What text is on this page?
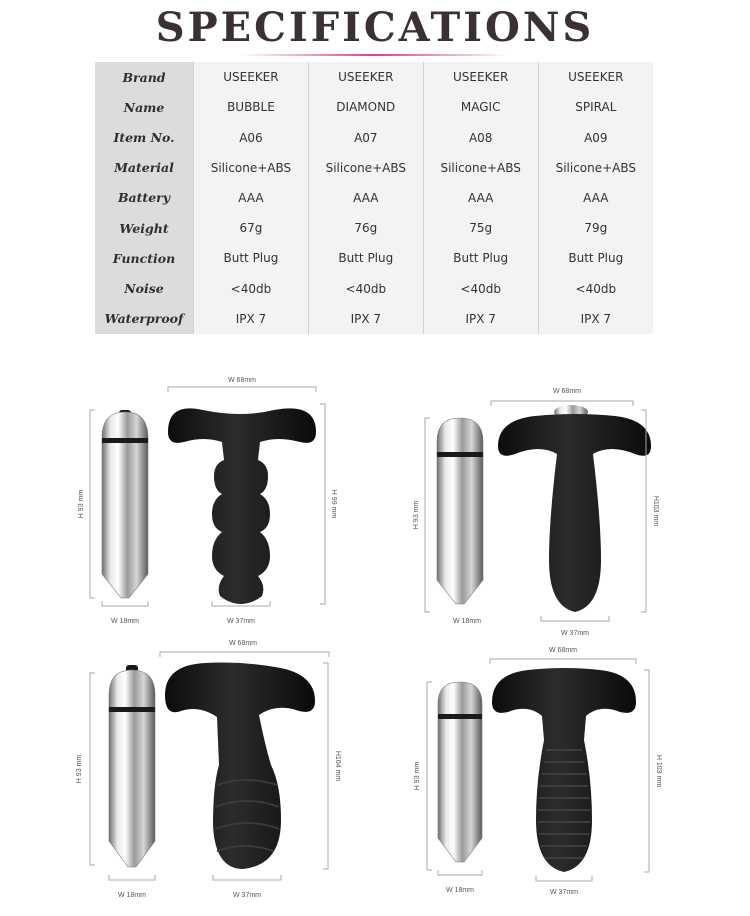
SPECIFICATIONS
Brand	USEEKER	USEEKER	USEEKER	USEEKER
Name	BUBBLE	DIAMOND	MAGIC	SPIRAL
Item No.	A06	A07	A08	A09
Material	Silicone+ABS	Silicone+ABS	Silicone+ABS	Silicone+ABS
Battery	AAA	AAA	AAA	AAA
Weight	67g	76g	75g	79g
Function	Butt Plug	Butt Plug	Butt Plug	Butt Plug
Noise	<40db	<40db	<40db	<40db
Waterproof	IPX 7	IPX 7	IPX 7	IPX 7
W 68mm
H 99 mm
H 93 mm
W 18mm	W 37mm
W 68mm
H103 mm
H 93 mm
W 68mm
H104 mm
H 93 mm
W 18mm	W 37mm
W 68mm
H 103 mm
H 93 mm
W 18mm	W 37mm
W 18mm
W 37mm
